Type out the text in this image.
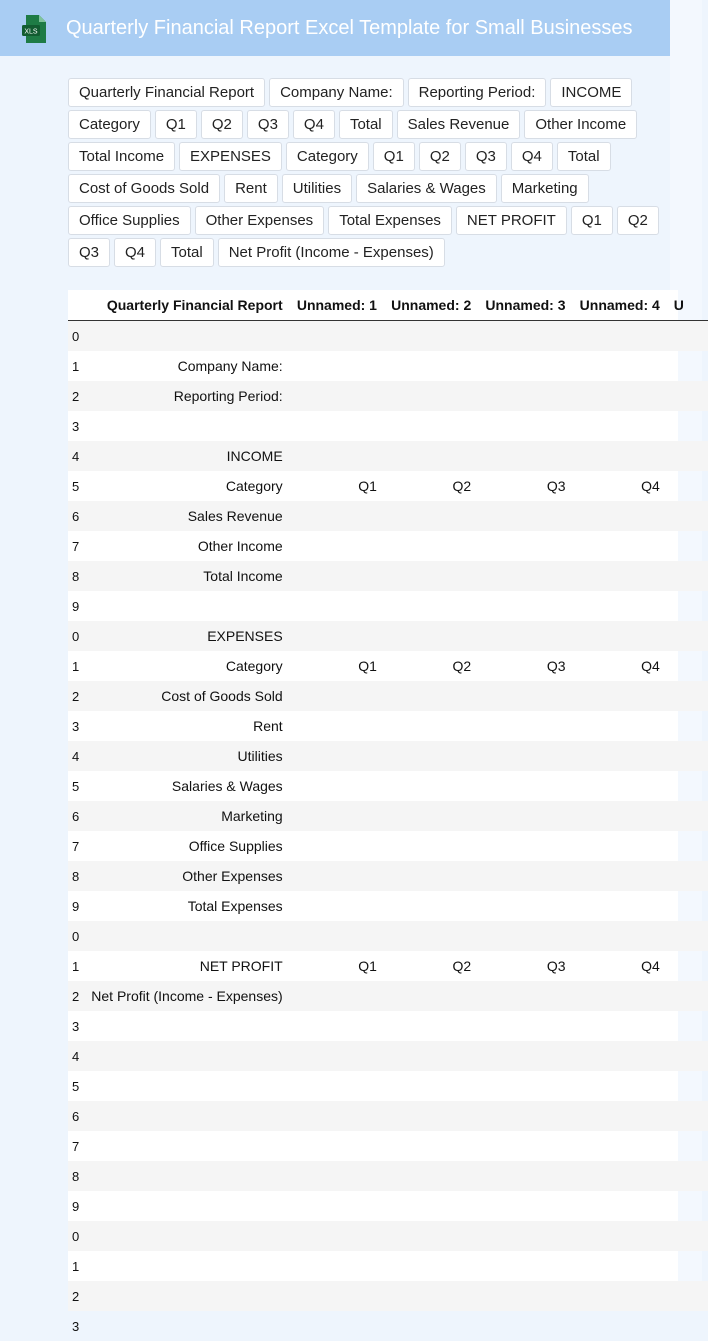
XLS Quarterly Financial Report Excel Template for Small Businesses
Quarterly Financial Report	Company Name:	Reporting Period:	INCOME
Category	Q1	Q2	Q3	Q4	Total	Sales Revenue	Other Income
Total Income	EXPENSES	Category	Q1	Q2	Q3	Q4	Total
Cost of Goods Sold	Rent	Utilities	Salaries & Wages	Marketing
Office Supplies	Other Expenses	Total Expenses	NET PROFIT	Q1	Q2
Q3	Q4	Total	Net Profit (Income - Expenses)
	Quarterly Financial Report	Unnamed: 1	Unnamed: 2	Unnamed: 3	Unnamed: 4	U
0						
1	Company Name:					
2	Reporting Period:					
3						
4	INCOME					
5	Category	Q1	Q2	Q3	Q4	
6	Sales Revenue					
7	Other Income					
8	Total Income					
9						
0	EXPENSES					
1	Category	Q1	Q2	Q3	Q4	
2	Cost of Goods Sold					
3	Rent					
4	Utilities					
5	Salaries & Wages					
6	Marketing					
7	Office Supplies					
8	Other Expenses					
9	Total Expenses					
0						
1	NET PROFIT	Q1	Q2	Q3	Q4	
2	Net Profit (Income - Expenses)					
3						
4						
5						
6						
7						
8						
9						
0						
1						
2						
3						
